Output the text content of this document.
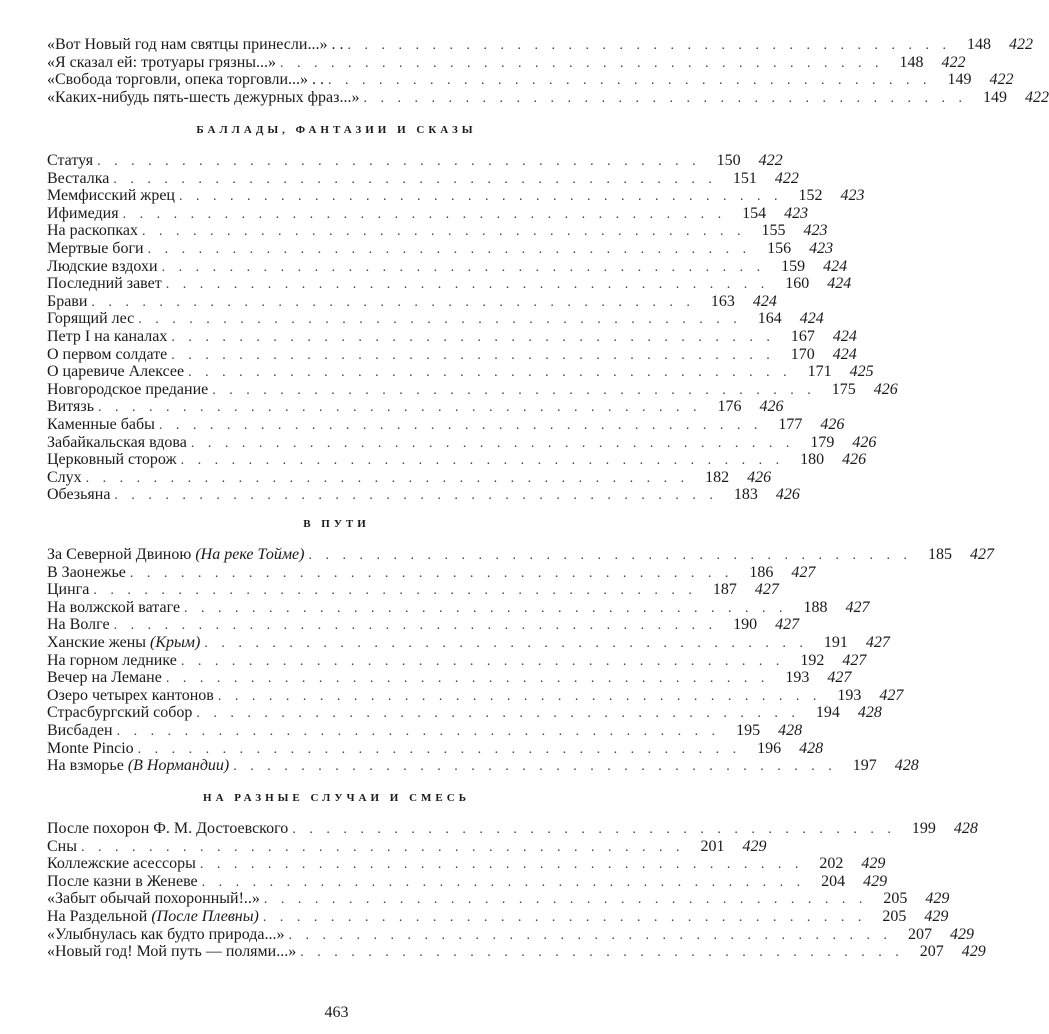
«Вот Новый год нам святцы принесли...» . . . . . . . . . . . . . . . . . . . . . . . . . . . . . . . . . . . . . .	148 422
«Я сказал ей: тротуары грязны...» . . . . . . . . . . . . . . . . . . . . . . . . . . . . . . . . . . . .	148 422
«Свобода торговли, опека торговли...» . . . . . . . . . . . . . . . . . . . . . . . . . . . . . . . . . . . . . .	149 422
«Каких-нибудь пять-шесть дежурных фраз...» . . . . . . . . . . . . . . . . . . . . . . . . . . . . . . . . . . . .	149 422
БАЛЛАДЫ, ФАНТАЗИИ И СКАЗЫ
Статуя . . . . . . . . . . . . . . . . . . . . . . . . . . . . . . . . . . . .	150 422
Весталка . . . . . . . . . . . . . . . . . . . . . . . . . . . . . . . . . . . .	151 422
Мемфисский жрец . . . . . . . . . . . . . . . . . . . . . . . . . . . . . . . . . . . .	152 423
Ифимедия . . . . . . . . . . . . . . . . . . . . . . . . . . . . . . . . . . . .	154 423
На раскопках . . . . . . . . . . . . . . . . . . . . . . . . . . . . . . . . . . . .	155 423
Мертвые боги . . . . . . . . . . . . . . . . . . . . . . . . . . . . . . . . . . . .	156 423
Людские вздохи . . . . . . . . . . . . . . . . . . . . . . . . . . . . . . . . . . . .	159 424
Последний завет . . . . . . . . . . . . . . . . . . . . . . . . . . . . . . . . . . . .	160 424
Брави . . . . . . . . . . . . . . . . . . . . . . . . . . . . . . . . . . . .	163 424
Горящий лес . . . . . . . . . . . . . . . . . . . . . . . . . . . . . . . . . . . .	164 424
Петр I на каналах . . . . . . . . . . . . . . . . . . . . . . . . . . . . . . . . . . . .	167 424
О первом солдате . . . . . . . . . . . . . . . . . . . . . . . . . . . . . . . . . . . .	170 424
О царевиче Алексее . . . . . . . . . . . . . . . . . . . . . . . . . . . . . . . . . . . .	171 425
Новгородское предание . . . . . . . . . . . . . . . . . . . . . . . . . . . . . . . . . . . .	175 426
Витязь . . . . . . . . . . . . . . . . . . . . . . . . . . . . . . . . . . . .	176 426
Каменные бабы . . . . . . . . . . . . . . . . . . . . . . . . . . . . . . . . . . . .	177 426
Забайкальская вдова . . . . . . . . . . . . . . . . . . . . . . . . . . . . . . . . . . . .	179 426
Церковный сторож . . . . . . . . . . . . . . . . . . . . . . . . . . . . . . . . . . . .	180 426
Слух . . . . . . . . . . . . . . . . . . . . . . . . . . . . . . . . . . . .	182 426
Обезьяна . . . . . . . . . . . . . . . . . . . . . . . . . . . . . . . . . . . .	183 426
В ПУТИ
За Северной Двиною (На реке Тойме) . . . . . . . . . . . . . . . . . . . . . . . . . . . . . . . . . . . .	185 427
В Заонежье . . . . . . . . . . . . . . . . . . . . . . . . . . . . . . . . . . . .	186 427
Цинга . . . . . . . . . . . . . . . . . . . . . . . . . . . . . . . . . . . .	187 427
На волжской ватаге . . . . . . . . . . . . . . . . . . . . . . . . . . . . . . . . . . . .	188 427
На Волге . . . . . . . . . . . . . . . . . . . . . . . . . . . . . . . . . . . .	190 427
Ханские жены (Крым) . . . . . . . . . . . . . . . . . . . . . . . . . . . . . . . . . . . .	191 427
На горном леднике . . . . . . . . . . . . . . . . . . . . . . . . . . . . . . . . . . . .	192 427
Вечер на Лемане . . . . . . . . . . . . . . . . . . . . . . . . . . . . . . . . . . . .	193 427
Озеро четырех кантонов . . . . . . . . . . . . . . . . . . . . . . . . . . . . . . . . . . . .	193 427
Страсбургский собор . . . . . . . . . . . . . . . . . . . . . . . . . . . . . . . . . . . .	194 428
Висбаден . . . . . . . . . . . . . . . . . . . . . . . . . . . . . . . . . . . .	195 428
Monte Pincio . . . . . . . . . . . . . . . . . . . . . . . . . . . . . . . . . . . .	196 428
На взморье (В Нормандии) . . . . . . . . . . . . . . . . . . . . . . . . . . . . . . . . . . . .	197 428
НА РАЗНЫЕ СЛУЧАИ И СМЕСЬ
После похорон Ф. М. Достоевского . . . . . . . . . . . . . . . . . . . . . . . . . . . . . . . . . . . .	199 428
Сны . . . . . . . . . . . . . . . . . . . . . . . . . . . . . . . . . . . .	201 429
Коллежские асессоры . . . . . . . . . . . . . . . . . . . . . . . . . . . . . . . . . . . .	202 429
После казни в Женеве . . . . . . . . . . . . . . . . . . . . . . . . . . . . . . . . . . . .	204 429
«Забыт обычай похоронный!..» . . . . . . . . . . . . . . . . . . . . . . . . . . . . . . . . . . . .	205 429
На Раздельной (После Плевны) . . . . . . . . . . . . . . . . . . . . . . . . . . . . . . . . . . . .	205 429
«Улыбнулась как будто природа...» . . . . . . . . . . . . . . . . . . . . . . . . . . . . . . . . . . . .	207 429
«Новый год! Мой путь — полями...» . . . . . . . . . . . . . . . . . . . . . . . . . . . . . . . . . . . .	207 429
463
